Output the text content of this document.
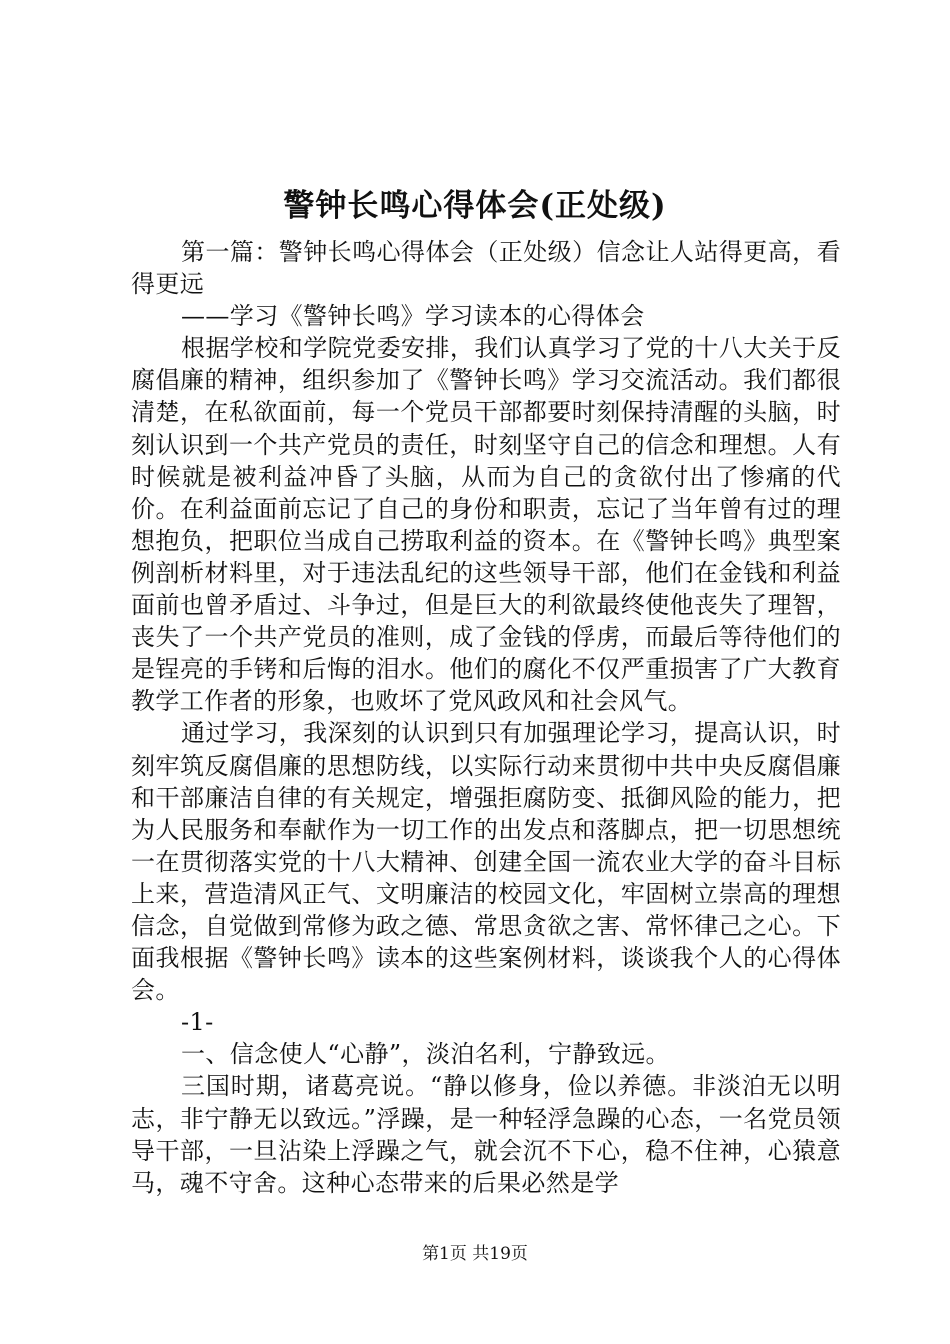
警钟长鸣心得体会(正处级)

第一篇：警钟长鸣心得体会（正处级）信念让人站得更高，看得更远

——学习《警钟长鸣》学习读本的心得体会

根据学校和学院党委安排，我们认真学习了党的十八大关于反腐倡廉的精神，组织参加了《警钟长鸣》学习交流活动。我们都很清楚，在私欲面前，每一个党员干部都要时刻保持清醒的头脑，时刻认识到一个共产党员的责任，时刻坚守自己的信念和理想。人有时候就是被利益冲昏了头脑，从而为自己的贪欲付出了惨痛的代价。在利益面前忘记了自己的身份和职责，忘记了当年曾有过的理想抱负，把职位当成自己捞取利益的资本。在《警钟长鸣》典型案例剖析材料里，对于违法乱纪的这些领导干部，他们在金钱和利益面前也曾矛盾过、斗争过，但是巨大的利欲最终使他丧失了理智，丧失了一个共产党员的准则，成了金钱的俘虏，而最后等待他们的是锃亮的手铐和后悔的泪水。他们的腐化不仅严重损害了广大教育教学工作者的形象，也败坏了党风政风和社会风气。

通过学习，我深刻的认识到只有加强理论学习，提高认识，时刻牢筑反腐倡廉的思想防线，以实际行动来贯彻中共中央反腐倡廉和干部廉洁自律的有关规定，增强拒腐防变、抵御风险的能力，把为人民服务和奉献作为一切工作的出发点和落脚点，把一切思想统一在贯彻落实党的十八大精神、创建全国一流农业大学的奋斗目标上来，营造清风正气、文明廉洁的校园文化，牢固树立崇高的理想信念，自觉做到常修为政之德、常思贪欲之害、常怀律己之心。下面我根据《警钟长鸣》读本的这些案例材料，谈谈我个人的心得体会。

-1-

一、信念使人“心静”，淡泊名利，宁静致远。

三国时期，诸葛亮说。“静以修身，俭以养德。非淡泊无以明志，非宁静无以致远。”浮躁，是一种轻浮急躁的心态，一名党员领导干部，一旦沾染上浮躁之气，就会沉不下心，稳不住神，心猿意马，魂不守舍。这种心态带来的后果必然是学

第1页 共19页
